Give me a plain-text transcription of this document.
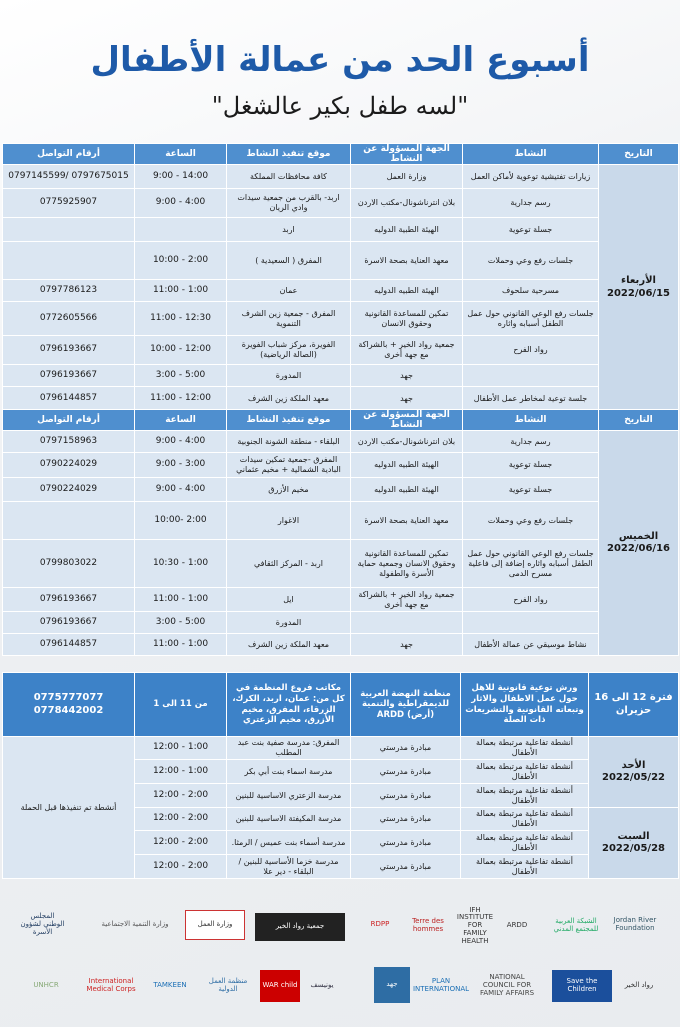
أسبوع الحد من عمالة الأطفال
"لسه طفل بكير عالشغل"
التاريخ	النشاط	الجهة المسؤولة عن النشاط	موقع تنفيذ النشاط	الساعة	أرقام التواصل
الأربعاء
2022/06/15	زيارات تفتيشية توعوية لأماكن العمل	وزارة العمل	كافة محافظات المملكة	9:00 - 14:00	0797675015 /0797145599
	رسم جدارية	بلان انترناشونال-مكتب الاردن	اربد- بالقرب من جمعية سيدات وادي الريان	9:00 - 4:00	0775925907
	جسلة توعوية	الهيئة الطبية الدوليه	اربد		
	جلسات رفع وعي وحملات	معهد العناية بصحة الاسرة	المفرق ( السعيدية )	10:00 - 2:00	
	مسرحية سلحوف	الهيئة الطبيه الدوليه	عمان	11:00 - 1:00	0797786123
	جلسات رفع الوعي القانوني حول عمل الطفل أسبابه واثاره	تمكين للمساعدة القانونية وحقوق الانسان	المفرق - جمعية زين الشرف التنموية	11:00 - 12:30	0772605566
	رواد الفرح	جمعية رواد الخير + بالشراكة مع جهة أخرى	الفويرة، مركز شباب الفويرة (الصالة الرياضية)	10:00 - 12:00	0796193667
		جهد	المدورة	3:00 - 5:00	0796193667
	جلسة توعية لمخاطر عمل الأطفال	جهد	معهد الملكة زين الشرف	11:00 - 12:00	0796144857
التاريخ	النشاط	الجهة المسؤولة عن النشاط	موقع تنفيذ النشاط	الساعة	أرقام التواصل
الخميس
2022/06/16	رسم جدارية	بلان انترناشونال-مكتب الاردن	البلقاء - منطقة الشونة الجنوبية	9:00 - 4:00	0797158963
	جسلة توعوية	الهيئة الطبيه الدوليه	المفرق -جمعية تمكين سيدات البادية الشمالية + مخيم عثماني	9:00 - 3:00	0790224029
	جسلة توعوية	الهيئة الطبيه الدوليه	مخيم الأزرق	9:00 - 4:00	0790224029
	جلسات رفع وعي وحملات	معهد العناية بصحة الاسرة	الاغوار	10:00- 2:00	
	جلسات رفع الوعي القانوني حول عمل الطفل أسبابه واثاره إضافة إلى فاعلية مسرح الدمى	تمكين للمساعدة القانونية وحقوق الانسان وجمعية حماية الأسرة والطفولة	اربد - المركز الثقافي	10:30 - 1:00	0799803022
	رواد الفرح	جمعية رواد الخير + بالشراكة مع جهة أخرى	ايل	11:00 - 1:00	0796193667
			المدورة	3:00 - 5:00	0796193667
	نشاط موسيقي عن عمالة الأطفال	جهد	معهد الملكة زين الشرف	11:00 - 1:00	0796144857
فترة 12 الى 16 حزيران	ورش توعية قانونية للاهل حول عمل الاطفال والاثار وتبعاته القانونية والتشريعات ذات الصلة	منظمة النهضة العربية للديمقراطية والتنمية (أرض) ARDD	مكاتب فروع المنظمة في كل من: عمان، اربد، الكرك، الزرقاء، المفرق، مخيم الأزرق، مخيم الزعتري	من 11 الى 1	0775777077
0778442002
الأحد
2022/05/22	أنشطة تفاعلية مرتبطة بعمالة الأطفال	مبادرة مدرستي	المفرق: مدرسة صفية بنت عبد المطلب	12:00 - 1:00	أنشطة تم تنفيذها قبل الحملة
	أنشطة تفاعلية مرتبطة بعمالة الأطفال	مبادرة مدرستي	مدرسة اسماء بنت أبي بكر	12:00 - 1:00	
	أنشطة تفاعلية مرتبطة بعمالة الأطفال	مبادرة مدرستي	مدرسة الزعتري الاساسية للبنين	12:00 - 2:00	
السبت
2022/05/28	أنشطة تفاعلية مرتبطة بعمالة الأطفال	مبادرة مدرستي	مدرسة المكيفتة الاساسية للبنين	12:00 - 2:00	
	أنشطة تفاعلية مرتبطة بعمالة الأطفال	مبادرة مدرستي	مدرسة أسماء بنت عميس / الرمثا.	12:00 - 2:00	
	أنشطة تفاعلية مرتبطة بعمالة الأطفال	مبادرة مدرستي	مدرسة خزما الأساسية للبنين / البلقاء - دير علا	12:00 - 2:00	
المجلس الوطني لشؤون الأسرة
وزارة التنمية الاجتماعية	وزارة العمل	جمعية رواد الخير	RDPP	Terre des hommes
IFH INSTITUTE FOR FAMILY HEALTH
ARDD	الشبكة العربية للمجتمع المدني
Jordan River Foundation
UNHCR	International Medical Corps	TAMKEEN	منظمة العمل الدولية	WAR child	يونيسف	جهد	PLAN INTERNATIONAL
NATIONAL COUNCIL FOR FAMILY AFFAIRS
Save the Children	رواد الخير
